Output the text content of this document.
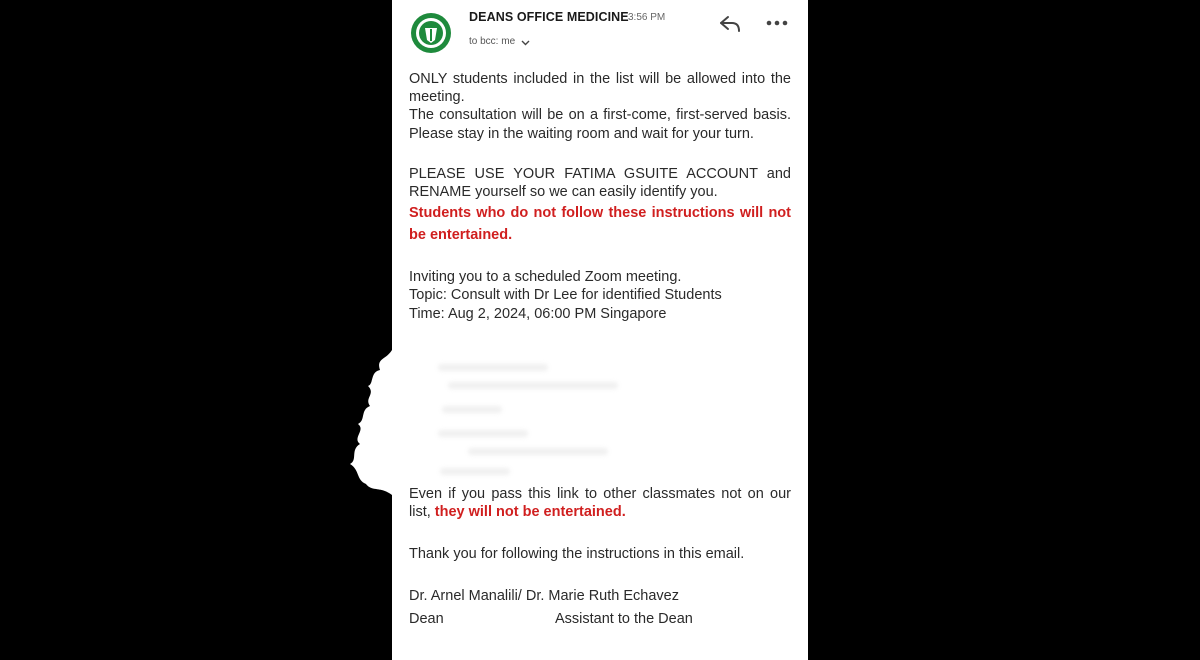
DEANS OFFICE MEDICINE 3:56 PM
to bcc: me

ONLY students included in the list will be allowed into the meeting.

The consultation will be on a first-come, first-served basis. Please stay in the waiting room and wait for your turn.

PLEASE USE YOUR FATIMA GSUITE ACCOUNT and RENAME yourself so we can easily identify you.

Students who do not follow these instructions will not be entertained.

Inviting you to a scheduled Zoom meeting.

Topic: Consult with Dr Lee for identified Students

Time: Aug 2, 2024, 06:00 PM Singapore

Even if you pass this link to other classmates not on our list, they will not be entertained.

Thank you for following the instructions in this email.

Dr. Arnel Manalili/ Dr. Marie Ruth Echavez

Dean	Assistant to the Dean
